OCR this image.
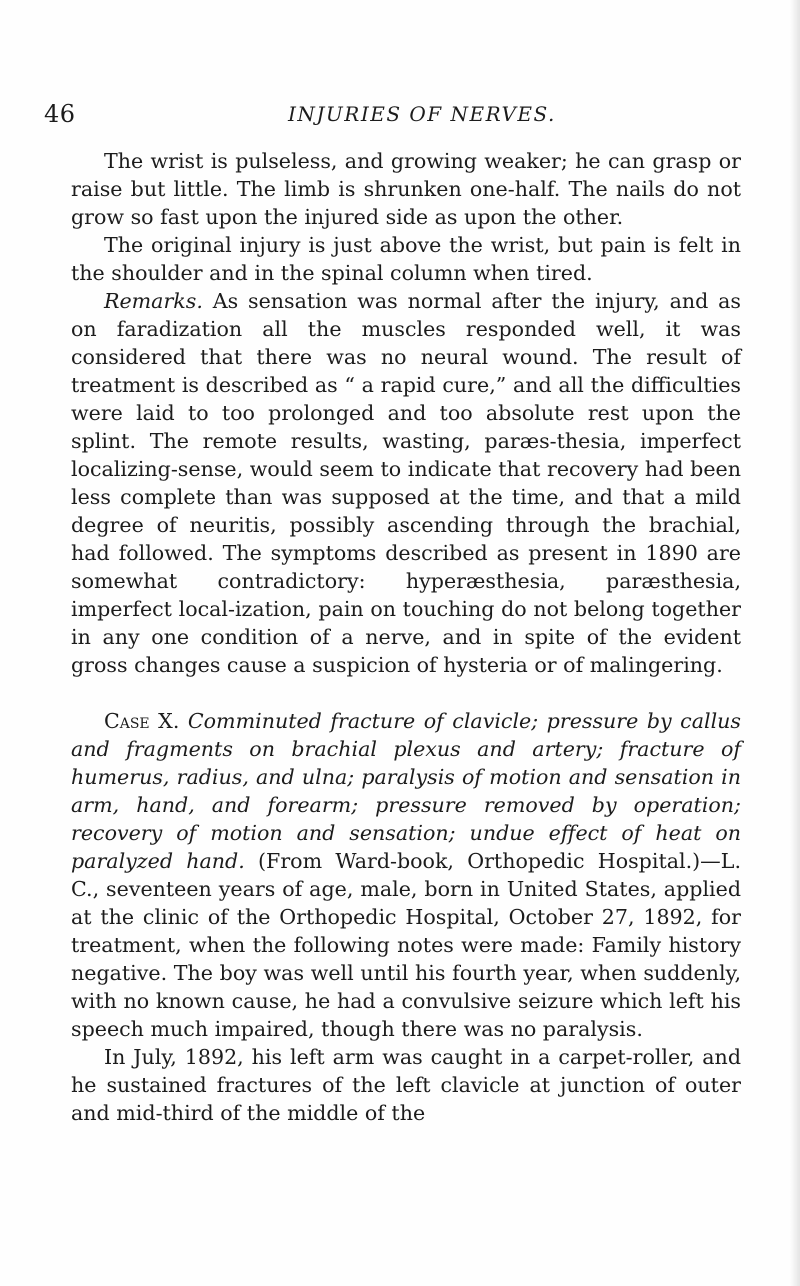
46	INJURIES OF NERVES.

The wrist is pulseless, and growing weaker; he can grasp or raise but little. The limb is shrunken one-half. The nails do not grow so fast upon the injured side as upon the other.

The original injury is just above the wrist, but pain is felt in the shoulder and in the spinal column when tired.

Remarks. As sensation was normal after the injury, and as on faradization all the muscles responded well, it was considered that there was no neural wound. The result of treatment is described as “ a rapid cure,” and all the difficulties were laid to too prolonged and too absolute rest upon the splint. The remote results, wasting, paræs-thesia, imperfect localizing-sense, would seem to indicate that recovery had been less complete than was supposed at the time, and that a mild degree of neuritis, possibly ascending through the brachial, had followed. The symptoms described as present in 1890 are somewhat contradictory: hyperæsthesia, paræsthesia, imperfect local-ization, pain on touching do not belong together in any one condition of a nerve, and in spite of the evident gross changes cause a suspicion of hysteria or of malingering.

Case X. Comminuted fracture of clavicle; pressure by callus and fragments on brachial plexus and artery; fracture of humerus, radius, and ulna; paralysis of motion and sensation in arm, hand, and forearm; pressure removed by operation; recovery of motion and sensation; undue effect of heat on paralyzed hand. (From Ward-book, Orthopedic Hospital.)—L. C., seventeen years of age, male, born in United States, applied at the clinic of the Orthopedic Hospital, October 27, 1892, for treatment, when the following notes were made: Family history negative. The boy was well until his fourth year, when suddenly, with no known cause, he had a convulsive seizure which left his speech much impaired, though there was no paralysis.

In July, 1892, his left arm was caught in a carpet-roller, and he sustained fractures of the left clavicle at junction of outer and mid-third of the middle of the
